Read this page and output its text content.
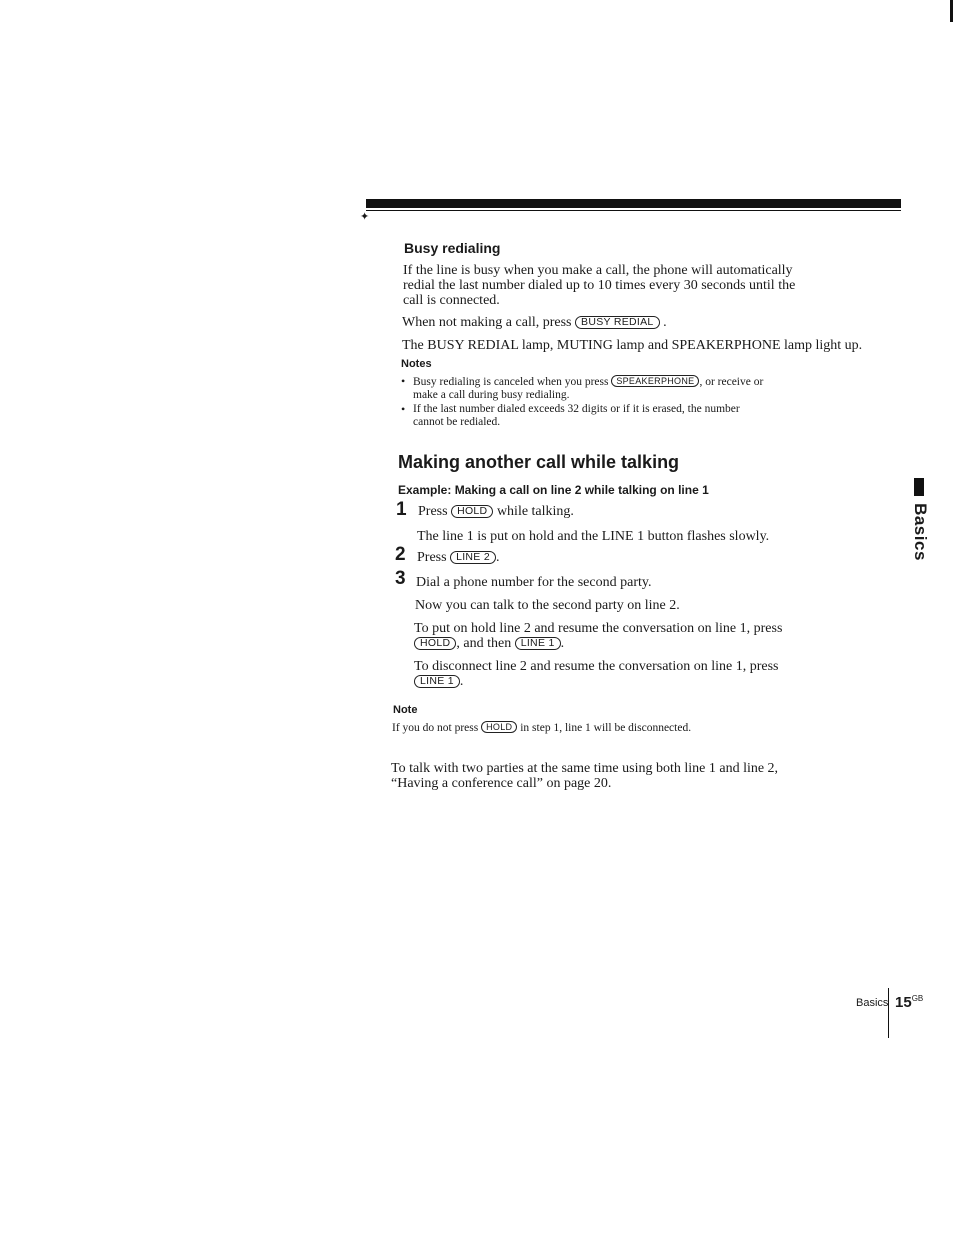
✦
Busy redialing
If the line is busy when you make a call, the phone will automatically
redial the last number dialed up to 10 times every 30 seconds until the
call is connected.
When not making a call, press BUSY REDIAL .
The BUSY REDIAL lamp, MUTING lamp and SPEAKERPHONE lamp light up.
Notes
• Busy redialing is canceled when you press SPEAKERPHONE , or receive or
make a call during busy redialing.
• If the last number dialed exceeds 32 digits or if it is erased, the number
cannot be redialed.
Making another call while talking
Example: Making a call on line 2 while talking on line 1
1 Press HOLD while talking.
The line 1 is put on hold and the LINE 1 button flashes slowly.
2 Press LINE 2 .
3 Dial a phone number for the second party.
Now you can talk to the second party on line 2.
To put on hold line 2 and resume the conversation on line 1, press
HOLD , and then LINE 1 .
To disconnect line 2 and resume the conversation on line 1, press
LINE 1 .
Note
If you do not press HOLD in step 1, line 1 will be disconnected.
To talk with two parties at the same time using both line 1 and line 2,
“Having a conference call” on page 20.
Basics
Basics 15$^{GB}$
